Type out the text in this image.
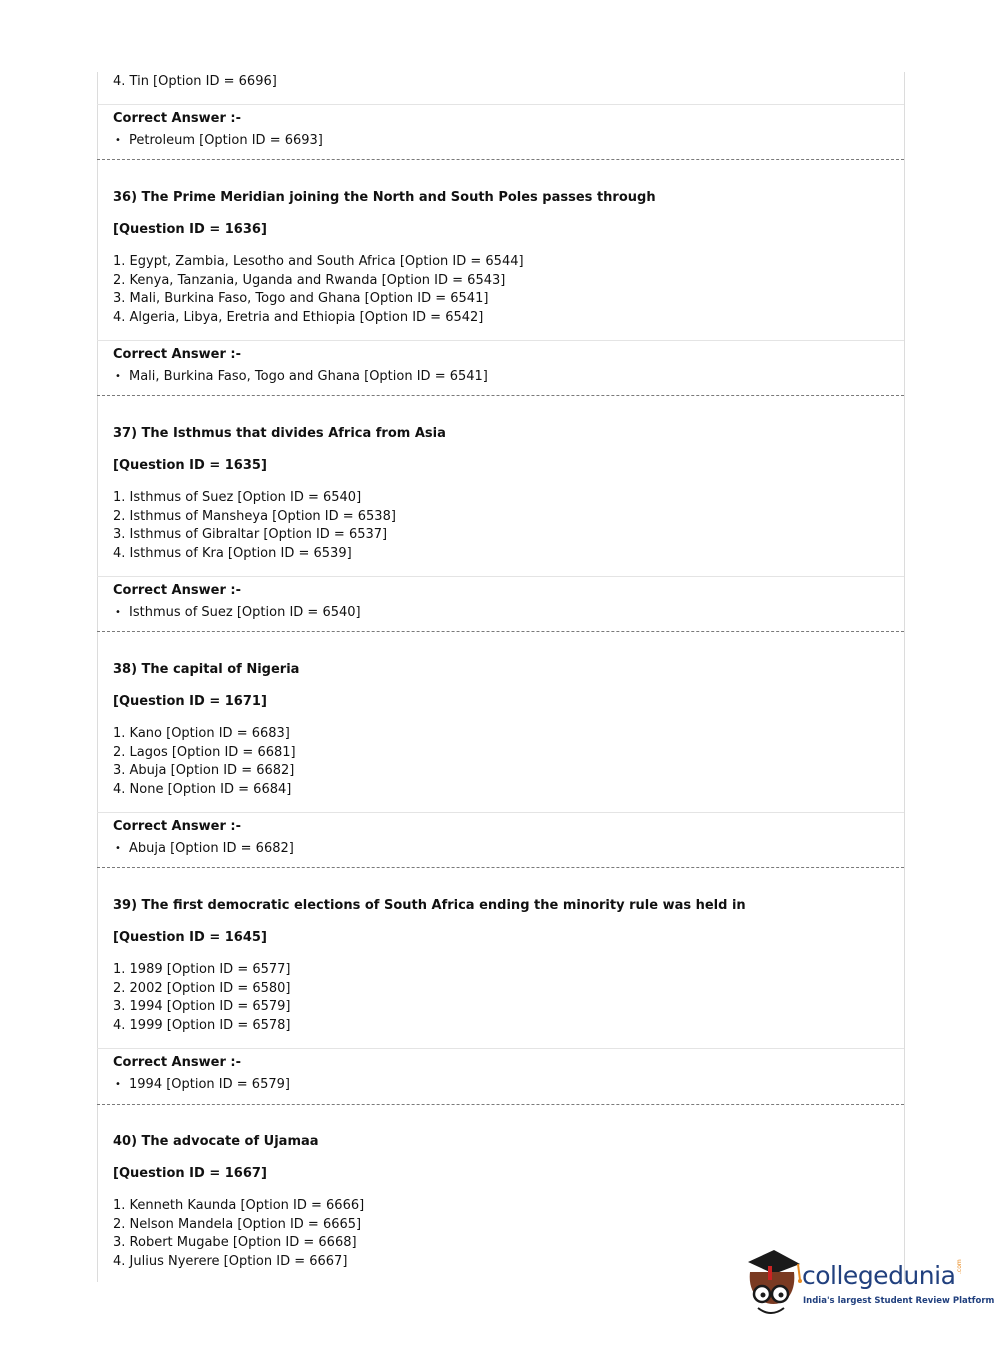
4. Tin [Option ID = 6696]
Correct Answer :-
• Petroleum [Option ID = 6693]
36) The Prime Meridian joining the North and South Poles passes through
[Question ID = 1636]
1. Egypt, Zambia, Lesotho and South Africa [Option ID = 6544]
2. Kenya, Tanzania, Uganda and Rwanda [Option ID = 6543]
3. Mali, Burkina Faso, Togo and Ghana [Option ID = 6541]
4. Algeria, Libya, Eretria and Ethiopia [Option ID = 6542]
Correct Answer :-
• Mali, Burkina Faso, Togo and Ghana [Option ID = 6541]
37) The Isthmus that divides Africa from Asia
[Question ID = 1635]
1. Isthmus of Suez [Option ID = 6540]
2. Isthmus of Mansheya [Option ID = 6538]
3. Isthmus of Gibraltar [Option ID = 6537]
4. Isthmus of Kra [Option ID = 6539]
Correct Answer :-
• Isthmus of Suez [Option ID = 6540]
38) The capital of Nigeria
[Question ID = 1671]
1. Kano [Option ID = 6683]
2. Lagos [Option ID = 6681]
3. Abuja [Option ID = 6682]
4. None [Option ID = 6684]
Correct Answer :-
• Abuja [Option ID = 6682]
39) The first democratic elections of South Africa ending the minority rule was held in
[Question ID = 1645]
1. 1989 [Option ID = 6577]
2. 2002 [Option ID = 6580]
3. 1994 [Option ID = 6579]
4. 1999 [Option ID = 6578]
Correct Answer :-
• 1994 [Option ID = 6579]
40) The advocate of Ujamaa
[Question ID = 1667]
1. Kenneth Kaunda [Option ID = 6666]
2. Nelson Mandela [Option ID = 6665]
3. Robert Mugabe [Option ID = 6668]
4. Julius Nyerere [Option ID = 6667]	collegedunia
India's largest Student Review Platform
.com
